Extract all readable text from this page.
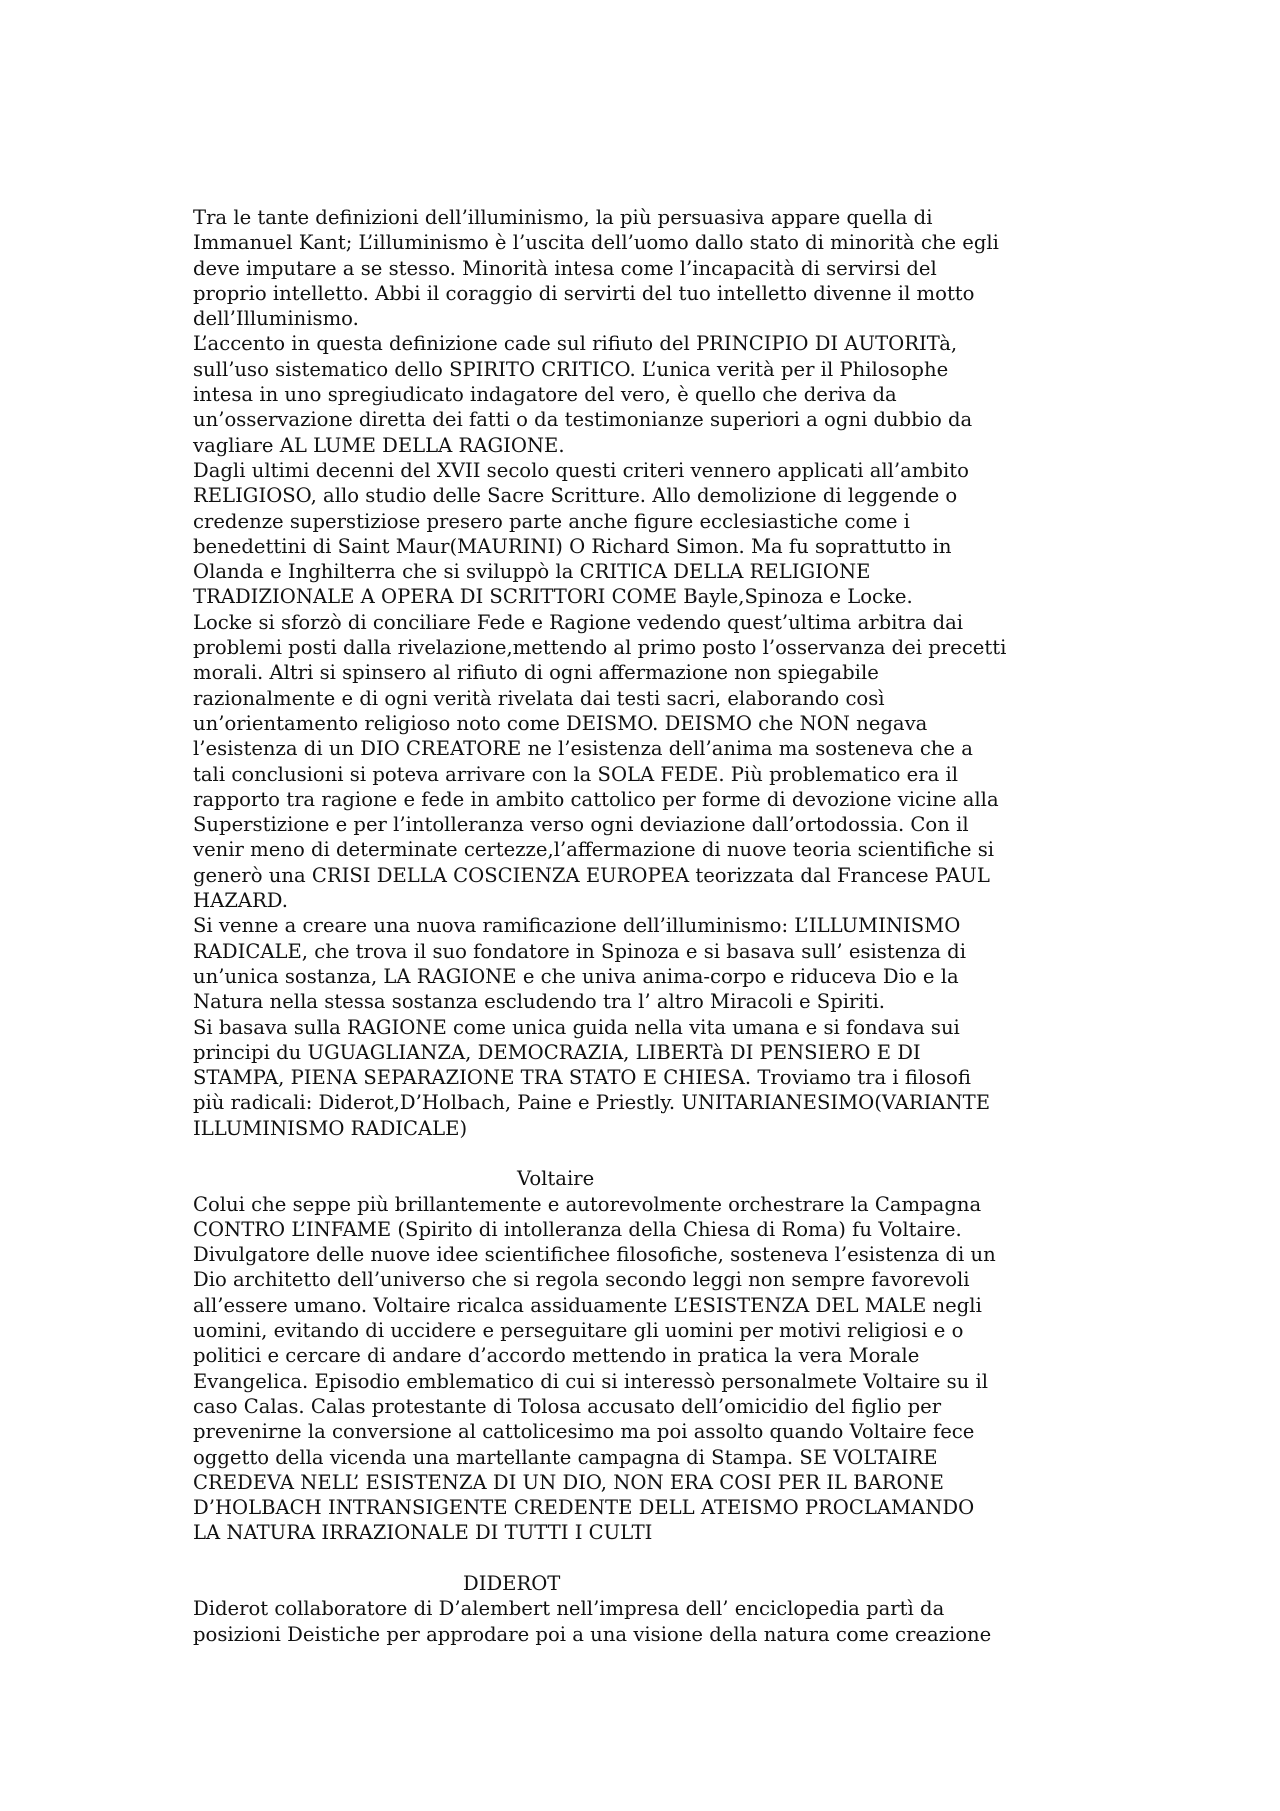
Tra le tante definizioni dell’illuminismo, la più persuasiva appare quella di
Immanuel Kant; L’illuminismo è l’uscita dell’uomo dallo stato di minorità che egli
deve imputare a se stesso. Minorità intesa come l’incapacità di servirsi del
proprio intelletto. Abbi il coraggio di servirti del tuo intelletto divenne il motto
dell’Illuminismo.
L’accento in questa definizione cade sul rifiuto del PRINCIPIO DI AUTORITà,
sull’uso sistematico dello SPIRITO CRITICO. L’unica verità per il Philosophe
intesa in uno spregiudicato indagatore del vero, è quello che deriva da
un’osservazione diretta dei fatti o da testimonianze superiori a ogni dubbio da
vagliare AL LUME DELLA RAGIONE.
Dagli ultimi decenni del XVII secolo questi criteri vennero applicati all’ambito
RELIGIOSO, allo studio delle Sacre Scritture. Allo demolizione di leggende o
credenze superstiziose presero parte anche figure ecclesiastiche come i
benedettini di Saint Maur(MAURINI) O Richard Simon. Ma fu soprattutto in
Olanda e Inghilterra che si sviluppò la CRITICA DELLA RELIGIONE
TRADIZIONALE A OPERA DI SCRITTORI COME Bayle,Spinoza e Locke.
Locke si sforzò di conciliare Fede e Ragione vedendo quest’ultima arbitra dai
problemi posti dalla rivelazione,mettendo al primo posto l’osservanza dei precetti
morali. Altri si spinsero al rifiuto di ogni affermazione non spiegabile
razionalmente e di ogni verità rivelata dai testi sacri, elaborando così
un’orientamento religioso noto come DEISMO. DEISMO che NON negava
l’esistenza di un DIO CREATORE ne l’esistenza dell’anima ma sosteneva che a
tali conclusioni si poteva arrivare con la SOLA FEDE. Più problematico era il
rapporto tra ragione e fede in ambito cattolico per forme di devozione vicine alla
Superstizione e per l’intolleranza verso ogni deviazione dall’ortodossia. Con il
venir meno di determinate certezze,l’affermazione di nuove teoria scientifiche si
generò una CRISI DELLA COSCIENZA EUROPEA teorizzata dal Francese PAUL
HAZARD.
Si venne a creare una nuova ramificazione dell’illuminismo: L’ILLUMINISMO
RADICALE, che trova il suo fondatore in Spinoza e si basava sull’ esistenza di
un’unica sostanza, LA RAGIONE e che univa anima-corpo e riduceva Dio e la
Natura nella stessa sostanza escludendo tra l’ altro Miracoli e Spiriti.
Si basava sulla RAGIONE come unica guida nella vita umana e si fondava sui
principi du UGUAGLIANZA, DEMOCRAZIA, LIBERTà DI PENSIERO E DI
STAMPA, PIENA SEPARAZIONE TRA STATO E CHIESA. Troviamo tra i filosofi
più radicali: Diderot,D’Holbach, Paine e Priestly. UNITARIANESIMO(VARIANTE
ILLUMINISMO RADICALE)
Voltaire
Colui che seppe più brillantemente e autorevolmente orchestrare la Campagna
CONTRO L’INFAME (Spirito di intolleranza della Chiesa di Roma) fu Voltaire.
Divulgatore delle nuove idee scientifichee filosofiche, sosteneva l’esistenza di un
Dio architetto dell’universo che si regola secondo leggi non sempre favorevoli
all’essere umano. Voltaire ricalca assiduamente L’ESISTENZA DEL MALE negli
uomini, evitando di uccidere e perseguitare gli uomini per motivi religiosi e o
politici e cercare di andare d’accordo mettendo in pratica la vera Morale
Evangelica. Episodio emblematico di cui si interessò personalmete Voltaire su il
caso Calas. Calas protestante di Tolosa accusato dell’omicidio del figlio per
prevenirne la conversione al cattolicesimo ma poi assolto quando Voltaire fece
oggetto della vicenda una martellante campagna di Stampa. SE VOLTAIRE
CREDEVA NELL’ ESISTENZA DI UN DIO, NON ERA COSI PER IL BARONE
D’HOLBACH INTRANSIGENTE CREDENTE DELL ATEISMO PROCLAMANDO
LA NATURA IRRAZIONALE DI TUTTI I CULTI
DIDEROT
Diderot collaboratore di D’alembert nell’impresa dell’ enciclopedia partì da
posizioni Deistiche per approdare poi a una visione della natura come creazione
